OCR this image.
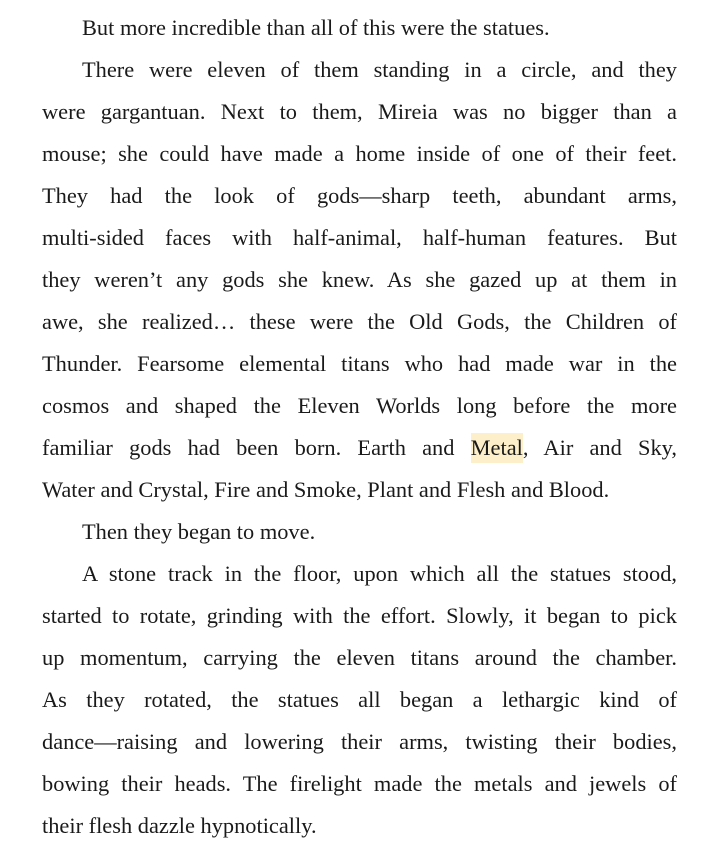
But more incredible than all of this were the statues.

There were eleven of them standing in a circle, and they
were gargantuan. Next to them, Mireia was no bigger than a
mouse; she could have made a home inside of one of their feet.
They had the look of gods—sharp teeth, abundant arms,
multi-sided faces with half-animal, half-human features. But
they weren’t any gods she knew. As she gazed up at them in
awe, she realized… these were the Old Gods, the Children of
Thunder. Fearsome elemental titans who had made war in the
cosmos and shaped the Eleven Worlds long before the more
familiar gods had been born. Earth and Metal, Air and Sky,
Water and Crystal, Fire and Smoke, Plant and Flesh and Blood.

Then they began to move.

A stone track in the floor, upon which all the statues stood,
started to rotate, grinding with the effort. Slowly, it began to pick
up momentum, carrying the eleven titans around the chamber.
As they rotated, the statues all began a lethargic kind of
dance—raising and lowering their arms, twisting their bodies,
bowing their heads. The firelight made the metals and jewels of
their flesh dazzle hypnotically.
